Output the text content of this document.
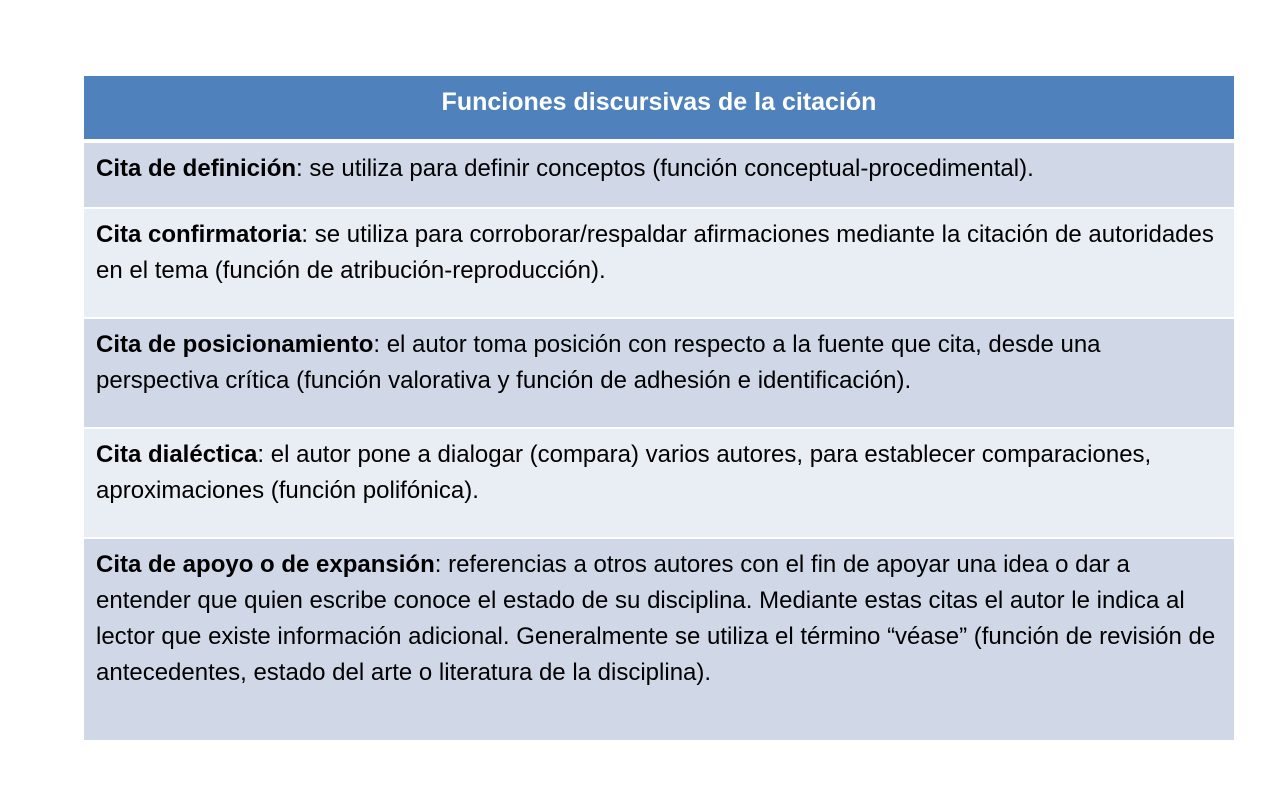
Funciones discursivas de la citación
Cita de definición: se utiliza para definir conceptos (función conceptual-procedimental).
Cita confirmatoria: se utiliza para corroborar/respaldar afirmaciones mediante la citación de autoridades en el tema (función de atribución-reproducción).
Cita de posicionamiento: el autor toma posición con respecto a la fuente que cita, desde una perspectiva crítica (función valorativa y función de adhesión e identificación).
Cita dialéctica: el autor pone a dialogar (compara) varios autores, para establecer comparaciones, aproximaciones (función polifónica).
Cita de apoyo o de expansión: referencias a otros autores con el fin de apoyar una idea o dar a entender que quien escribe conoce el estado de su disciplina. Mediante estas citas el autor le indica al lector que existe información adicional. Generalmente se utiliza el término “véase” (función de revisión de antecedentes, estado del arte o literatura de la disciplina).
